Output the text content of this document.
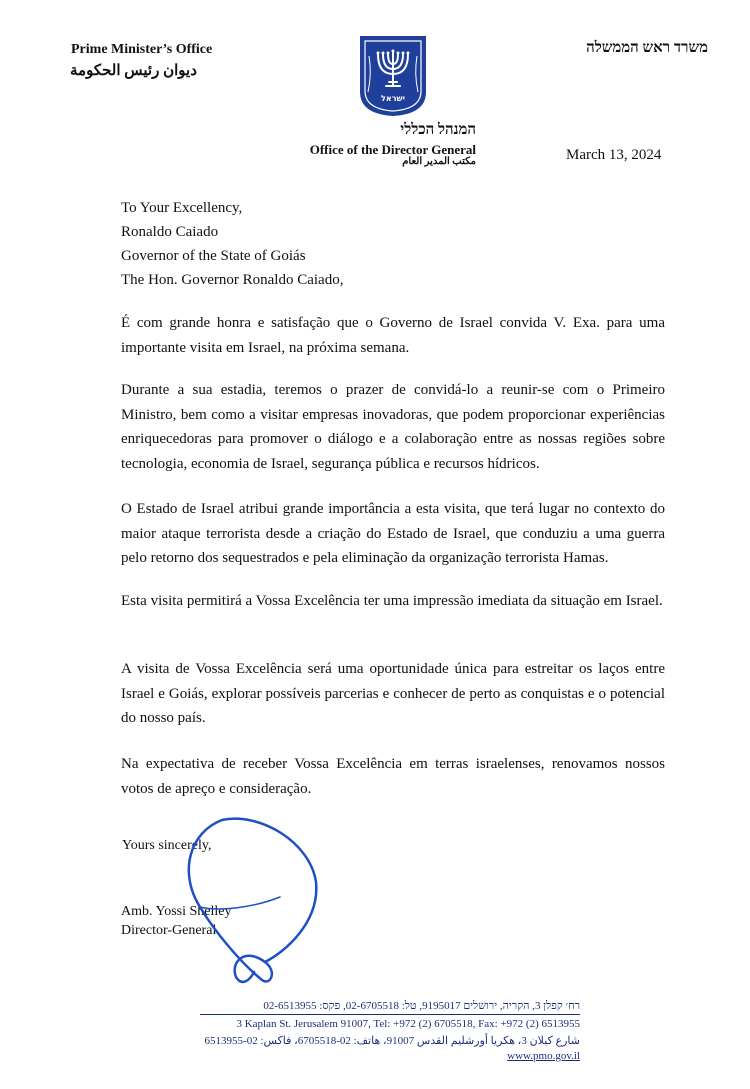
Prime Minister’s Office
ديوان رئيس الحكومة
משרד ראש הממשלה
ישראל
המנהל הכללי
Office of the Director General
مكتب المدير العام	March 13, 2024
To Your Excellency,
Ronaldo Caiado
Governor of the State of Goiás
The Hon. Governor Ronaldo Caiado,

É com grande honra e satisfação que o Governo de Israel convida V. Exa. para uma importante visita em Israel, na próxima semana.

Durante a sua estadia, teremos o prazer de convidá-lo a reunir-se com o Primeiro Ministro, bem como a visitar empresas inovadoras, que podem proporcionar experiências enriquecedoras para promover o diálogo e a colaboração entre as nossas regiões sobre tecnologia, economia de Israel, segurança pública e recursos hídricos.

O Estado de Israel atribui grande importância a esta visita, que terá lugar no contexto do maior ataque terrorista desde a criação do Estado de Israel, que conduziu a uma guerra pelo retorno dos sequestrados e pela eliminação da organização terrorista Hamas.

Esta visita permitirá a Vossa Excelência ter uma impressão imediata da situação em Israel.

A visita de Vossa Excelência será uma oportunidade única para estreitar os laços entre Israel e Goiás, explorar possíveis parcerias e conhecer de perto as conquistas e o potencial do nosso país.

Na expectativa de receber Vossa Excelência em terras israelenses, renovamos nossos votos de apreço e consideração.

Yours sincerely,
Amb. Yossi Shelley
Director-General
רח׳ קפלן 3, הקריה, ירושלים 9195017, טל: 02-6705518, פקס: 02-6513955
3 Kaplan St. Jerusalem 91007, Tel: +972 (2) 6705518, Fax: +972 (2) 6513955
شارع كبلان 3، هكريا أورشليم القدس 91007، هاتف: 02-6705518، فاكس: 02-6513955
www.pmo.gov.il
